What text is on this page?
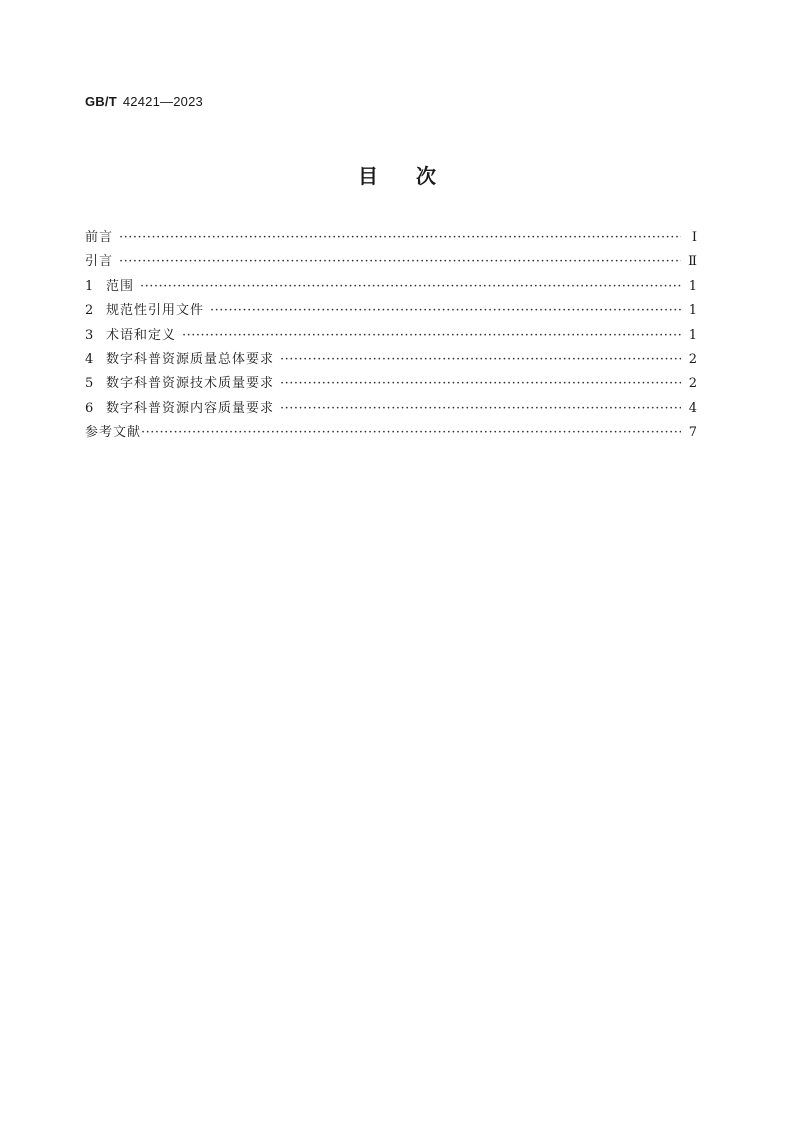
GB/T 42421—2023
目次
前言 ·····	Ⅰ
引言 ·····	Ⅱ
1 范围 ·····	1
2 规范性引用文件 ·····	1
3 术语和定义 ·····	1
4 数字科普资源质量总体要求 ·····	2
5 数字科普资源技术质量要求 ·····	2
6 数字科普资源内容质量要求 ·····	4
参考文献 ·····	7
